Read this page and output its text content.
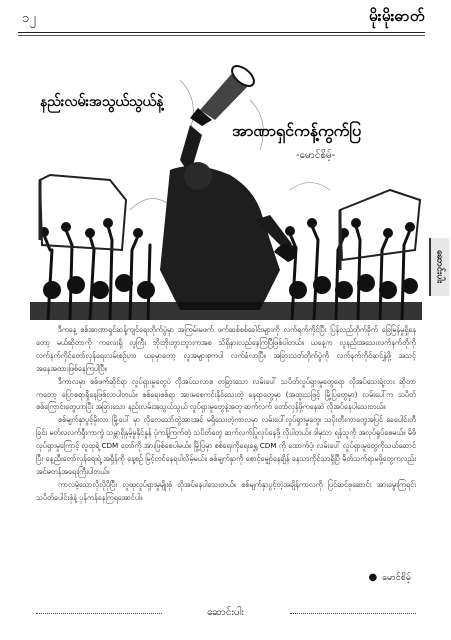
၁၂	မိုးမိုးဓာတ်
ဆောင်းပါး
နည်းလမ်းအသွယ်သွယ်နဲ့
အာဏာရှင်ကန့်ကွက်ပြ
-မောင်စိမ့်-

ဒီကနေ့ စစ်အာဏာရှင်ဆန့်ကျင်ရေးတိုက်ပွဲမှာ အကြမ်းမဖက် ဖက်ဆစ်စစ်ခေါင်းများကို လက်ရက်ကိုင်ပြီး ပြန်လည်တိုက်ခိုက် ခြေမြန်မှုရှိနေတော့ မယ်ဆိုတာကို ကလေးရှိ လူကြီး ဘိုးဘိုးဘွားဘွားကအစ သိရှိနားလည်နေကြပြီဖြစ်ပါတယ်။ ယနေ့က လူနည်းအသေးလက်နက်တိုကို လက်နက်ကိုင်တော်လှန်ရေးလမ်းစဉ်ဟာ ယခုမှာတော့ လူအများစုကပါ လက်ခံလာပြီ။ အခြားသတ်တိုက်ပွဲကို လက်နက်ကိုင်ဆင်နွှဲဖို့ အသင့်အနေအထားဖြစ်နေကြပါပြီ။

ဒီကာလမှာ စစ်ဖက်ဆိုင်ရာ လူပ်ရှားမှုတွေပဲ လိုအပ်သလား။ တခြားသော လမ်းပေါ် သပိတ်လှုပ်ရှားမှုတွေရော လိုအပ်သေးရဲ့လား ဆိုတာကတော့ ပြောစရာရှိနေဖြစ်လာပါတယ်။ စစ်ရေးစစ်ရာ အားမစေကင်းနိုင်သေးတဲ့ နေရာတွေမှာ (အထူးသဖြင့် မြို့ပြတွေမှာ) လမ်းပေါ်က သပိတ်စစ်ကြောင်းတွေဟာပြီး အခြားသော နည်းလမ်းအသွယ်သွယ် လှုပ်ရှားမှုတွေနဲ့အတူ ဆက်လက် တော်လှန်ဖို့ကနေဆဲ လိုအပ်နေပါသေးတယ်။

စစ်မျက်နှာပွင့်မိုးလာ မြို့ပေါ် မှာ လိုလေသော်တွဲအားအင် မရှိသေးတဲ့ကာလမှာ လမ်းပေါ်လှုပ်ရှားမှုတွေ၊ သပိုးတီးကာတွေအပြင် ခေပေါင်းတီခြင်း မတ်လလက်ရှီးကာကွဲ သမ္ဘာရှိနှမ့်မှုနိုင်နှုန် ပုံကန့်ကြက်တဲ့ သပိတ်တွေ ဆက်လက်ပြုလုပ်နေဖို့ လိုပါတယ်။ ဒါမှသာ ရန်သူကို အလုပ်ရှုပ်စေမယ်။ မိဖိလုပ်ရှားမှုကြောင့် လူထုရဲ့ CDM တော်ကို အားဖြစ်စေပါမယ်။ မြို့ပြမှာ စစ်ရေးကိုရေးရွှေ CDM ကို ထောက်ပံ့၊ လမ်းပေါ် လှုပ်ရှားမှုတွေကိုသယ်ဆောင်ပြီး နေ့ညီးတော်လှန်ရေးရဲ့ အရှိန်ကို နေ့စဉ် မြင့်တင်နေရပါလိမ့်မယ်။ စစ်မျက်နှာကို စောင့်မျှော်နေချိန် နေသာကိုင်သာရှိပြီ မိတ်သက်ရာမဖို့တွေကလည်း အင်မတန်အရေးကြီးပါတယ်။

ကာလမဲ့သောလိုလိုပိုပြီး လူထုလှုပ်ရှားမှုမျိုးစုံ လိုအပ်နေပါသေးတယ်။ စစ်မျက်နှာပွင့်တဲ့အချိန်ကာလကို ပြင်ဆင်စုဆောင်း အားမွေးကြရင်း သပိတ်ပေါင်းစုံနဲ့ ပုန်ကန်နေကြရအောင်ပါ။

● မောင်စိမ့်
ဆောင်းပါး
